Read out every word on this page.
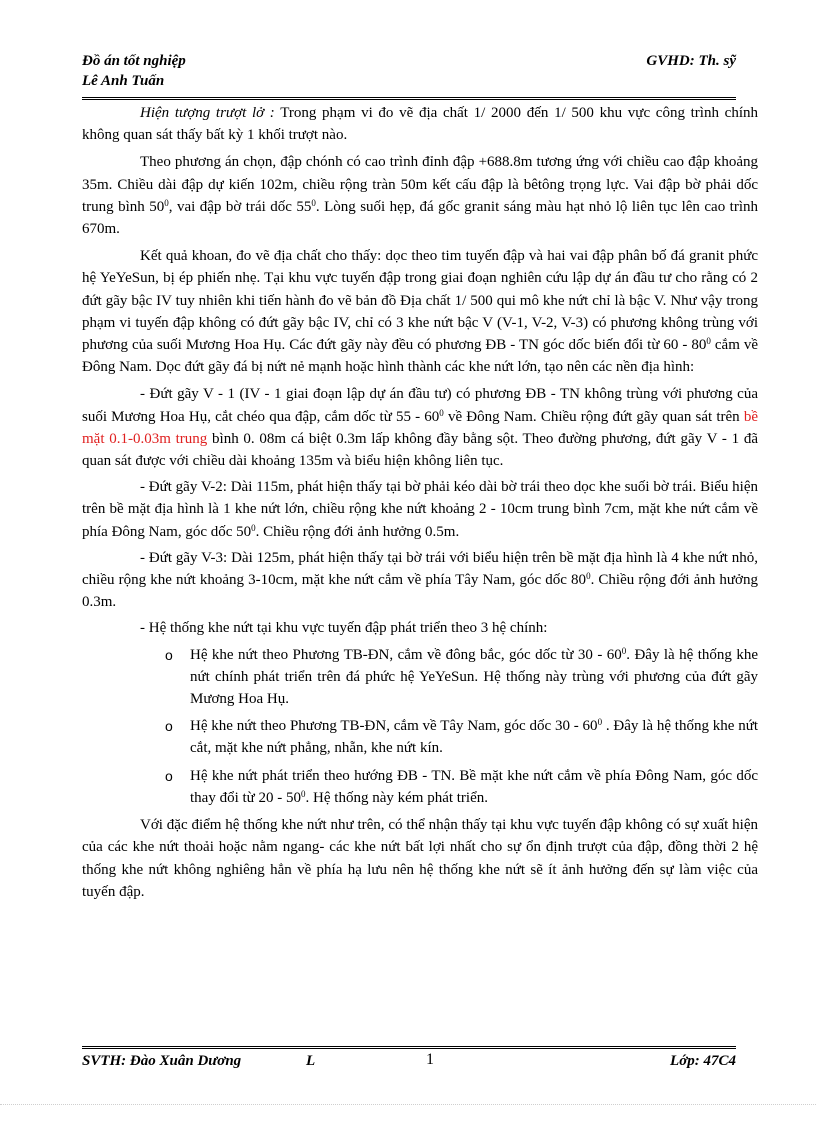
Đồ án tốt nghiệp	GVHD: Th. sỹ
Lê Anh Tuấn

Hiện tượng trượt lở : Trong phạm vi đo vẽ địa chất 1/ 2000 đến 1/ 500 khu vực công trình chính không quan sát thấy bất kỳ 1 khối trượt nào.

Theo phương án chọn, đập chónh có cao trình đỉnh đập +688.8m tương ứng với chiều cao đập khoảng 35m. Chiều dài đập dự kiến 102m, chiều rộng tràn 50m kết cấu đập là bêtông trọng lực. Vai đập bờ phải dốc trung bình $50^0$, vai đập bờ trái dốc $55^0$. Lòng suối hẹp, đá gốc granit sáng màu hạt nhỏ lộ liên tục lên cao trình 670m.

Kết quả khoan, đo vẽ địa chất cho thấy: dọc theo tim tuyến đập và hai vai đập phân bố đá granit phức hệ YeYeSun, bị ép phiến nhẹ. Tại khu vực tuyến đập trong giai đoạn nghiên cứu lập dự án đầu tư cho rằng có 2 đứt gãy bậc IV tuy nhiên khi tiến hành đo vẽ bản đồ Địa chất 1/ 500 qui mô khe nứt chỉ là bậc V. Như vậy trong phạm vi tuyến đập không có đứt gãy bậc IV, chỉ có 3 khe nứt bậc V (V-1, V-2, V-3) có phương không trùng với phương của suối Mương Hoa Hụ. Các đứt gãy này đều có phương ĐB - TN góc dốc biến đổi từ $60 - 80^0$ cắm về Đông Nam. Dọc đứt gãy đá bị nứt nẻ mạnh hoặc hình thành các khe nứt lớn, tạo nên các nền địa hình:

- Đứt gãy V - 1 (IV - 1 giai đoạn lập dự án đầu tư) có phương ĐB - TN không trùng với phương của suối Mương Hoa Hụ, cắt chéo qua đập, cắm dốc từ $55 - 60^0$ về Đông Nam. Chiều rộng đứt gãy quan sát trên bề mặt 0.1-0.03m trung bình 0. 08m cá biệt 0.3m lấp không đầy bằng sột. Theo đường phương, đứt gãy V - 1 đã quan sát được với chiều dài khoảng 135m và biểu hiện không liên tục.

- Đứt gãy V-2: Dài 115m, phát hiện thấy tại bờ phải kéo dài bờ trái theo dọc khe suối bờ trái. Biểu hiện trên bề mặt địa hình là 1 khe nứt lớn, chiều rộng khe nứt khoảng 2 - 10cm trung bình 7cm, mặt khe nứt cắm về phía Đông Nam, góc dốc $50^0$. Chiều rộng đới ảnh hưởng 0.5m.

- Đứt gãy V-3: Dài 125m, phát hiện thấy tại bờ trái với biểu hiện trên bề mặt địa hình là 4 khe nứt nhỏ, chiều rộng khe nứt khoảng 3-10cm, mặt khe nứt cắm về phía Tây Nam, góc dốc $80^0$. Chiều rộng đới ảnh hưởng 0.3m.

- Hệ thống khe nứt tại khu vực tuyến đập phát triển theo 3 hệ chính:

o Hệ khe nứt theo Phương TB-ĐN, cắm về đông bắc, góc dốc từ $30 - 60^0$. Đây là hệ thống khe nứt chính phát triển trên đá phức hệ YeYeSun. Hệ thống này trùng với phương của đứt gãy Mương Hoa Hụ.
o Hệ khe nứt theo Phương TB-ĐN, cắm về Tây Nam, góc dốc $30 - 60^0$ . Đây là hệ thống khe nứt cắt, mặt khe nứt phẳng, nhẵn, khe nứt kín.
o Hệ khe nứt phát triển theo hướng ĐB - TN. Bề mặt khe nứt cắm về phía Đông Nam, góc dốc thay đổi từ $20 - 50^0$. Hệ thống này kém phát triển.

Với đặc điểm hệ thống khe nứt như trên, có thể nhận thấy tại khu vực tuyến đập không có sự xuất hiện của các khe nứt thoải hoặc nằm ngang- các khe nứt bất lợi nhất cho sự ổn định trượt của đập, đồng thời 2 hệ thống khe nứt không nghiêng hẳn về phía hạ lưu nên hệ thống khe nứt sẽ ít ảnh hưởng đến sự làm việc của tuyến đập.

SVTH: Đào Xuân Dương	L	1	Lớp: 47C4
